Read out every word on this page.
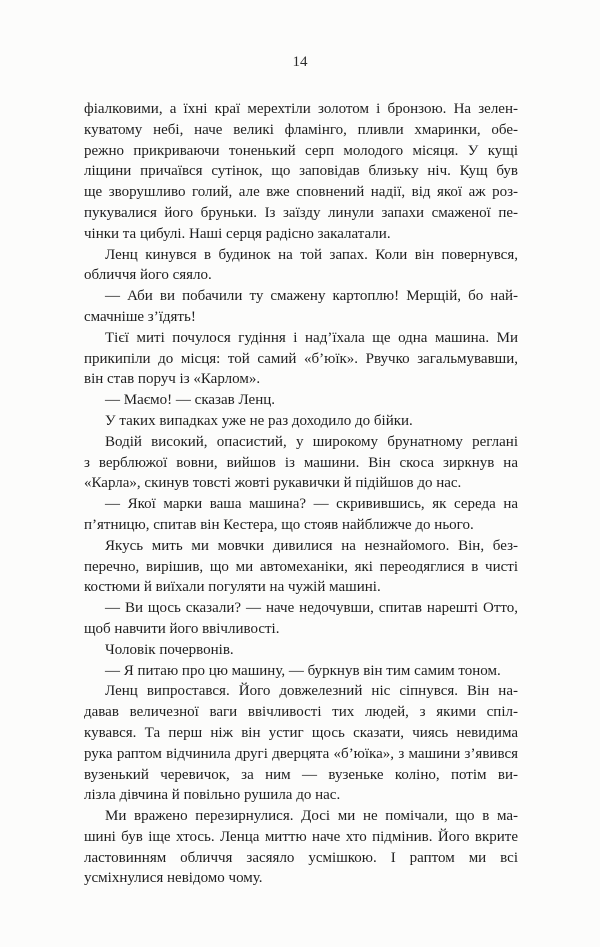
14
фіалковими, а їхні краї мерехтіли золотом і бронзою. На зелен-
куватому небі, наче великі фламінго, пливли хмаринки, обе-
режно прикриваючи тоненький серп молодого місяця. У кущі
ліщини причаївся сутінок, що заповідав близьку ніч. Кущ був
ще зворушливо голий, але вже сповнений надії, від якої аж роз-
пукувалися його бруньки. Із заїзду линули запахи смаженої пе-
чінки та цибулі. Наші серця радісно закалатали.
Ленц кинувся в будинок на той запах. Коли він повернувся,
обличчя його сяяло.
— Аби ви побачили ту смажену картоплю! Мерщій, бо най-
смачніше з’їдять!
Тієї миті почулося гудіння і над’їхала ще одна машина. Ми
прикипіли до місця: той самий «б’юїк». Рвучко загальмувавши,
він став поруч із «Карлом».
— Маємо! — сказав Ленц.
У таких випадках уже не раз доходило до бійки.
Водій високий, опасистий, у широкому брунатному реглані
з верблюжої вовни, вийшов із машини. Він скоса зиркнув на
«Карла», скинув товсті жовті рукавички й підійшов до нас.
— Якої марки ваша машина? — скривившись, як середа на
п’ятницю, спитав він Кестера, що стояв найближче до нього.
Якусь мить ми мовчки дивилися на незнайомого. Він, без-
перечно, вирішив, що ми автомеханіки, які переодяглися в чисті
костюми й виїхали погуляти на чужій машині.
— Ви щось сказали? — наче недочувши, спитав нарешті Отто,
щоб навчити його ввічливості.
Чоловік почервонів.
— Я питаю про цю машину, — буркнув він тим самим тоном.
Ленц випростався. Його довжелезний ніс сіпнувся. Він на-
давав величезної ваги ввічливості тих людей, з якими спіл-
кувався. Та перш ніж він устиг щось сказати, чиясь невидима
рука раптом відчинила другі дверцята «б’юїка», з машини з’явився
вузенький черевичок, за ним — вузеньке коліно, потім ви-
лізла дівчина й повільно рушила до нас.
Ми вражено перезирнулися. Досі ми не помічали, що в ма-
шині був іще хтось. Ленца миттю наче хто підмінив. Його вкрите
ластовинням обличчя засяяло усмішкою. І раптом ми всі
усміхнулися невідомо чому.
